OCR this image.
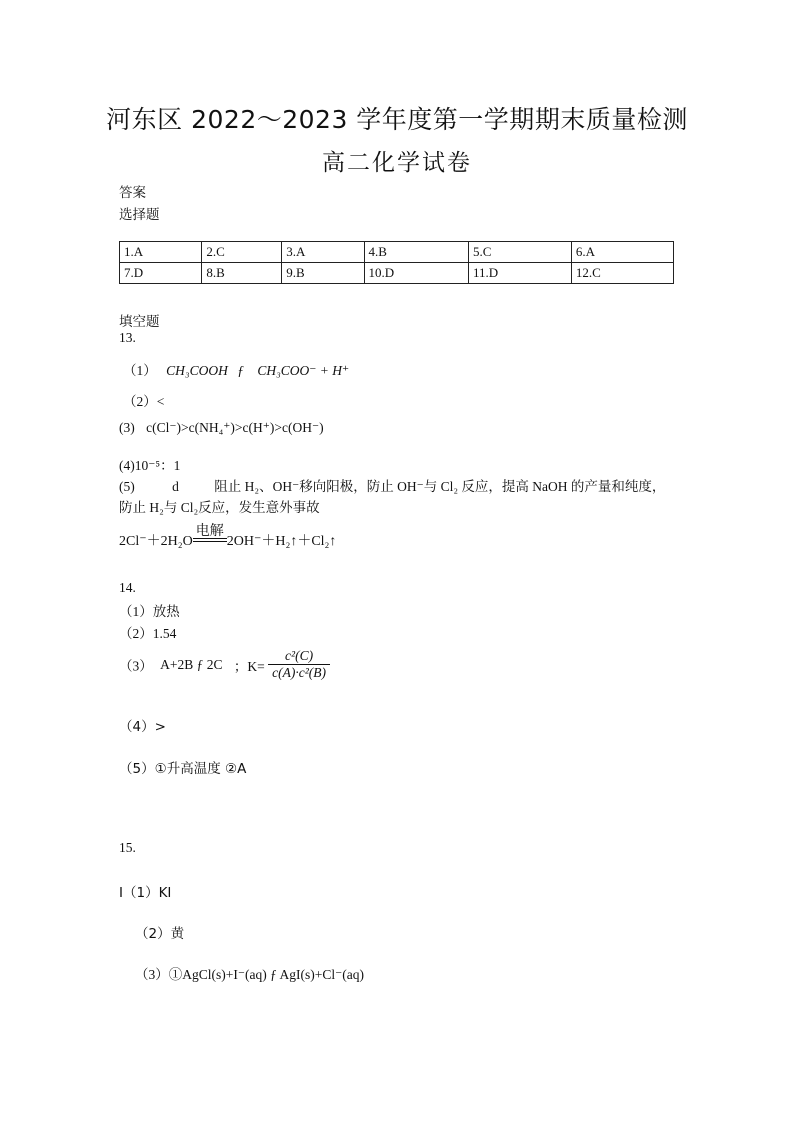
河东区 2022～2023 学年度第一学期期末质量检测
高二化学试卷
答案
选择题
1.A	2.C	3.A	4.B	5.C	6.A
7.D	8.B	9.B	10.D	11.D	12.C
填空题
13.
（1） CH₃COOH ƒ CH₃COO⁻ + H⁺
（2）<
(3) c(Cl⁻)>c(NH₄⁺)>c(H⁺)>c(OH⁻)
(4)10⁻⁵：1
(5)	d	阻止 H₂、OH⁻移向阳极，防止 OH⁻与 Cl₂ 反应，提高 NaOH 的产量和纯度，
防止 H₂与 Cl₂反应，发生意外事故
2Cl⁻＋2H₂O
电解
2OH⁻＋H₂↑＋Cl₂↑
14.
（1）放热
（2）1.54
（3） A+2B ƒ 2C ；$K= \frac{\text{c²(C)}}{\text{c(A)·c²(B)}}$
（4）>
（5）①升高温度 ②A
15.
Ⅰ（1）KI
（2）黄
（3）①AgCl(s)+I⁻(aq) ƒ AgI(s)+Cl⁻(aq)
